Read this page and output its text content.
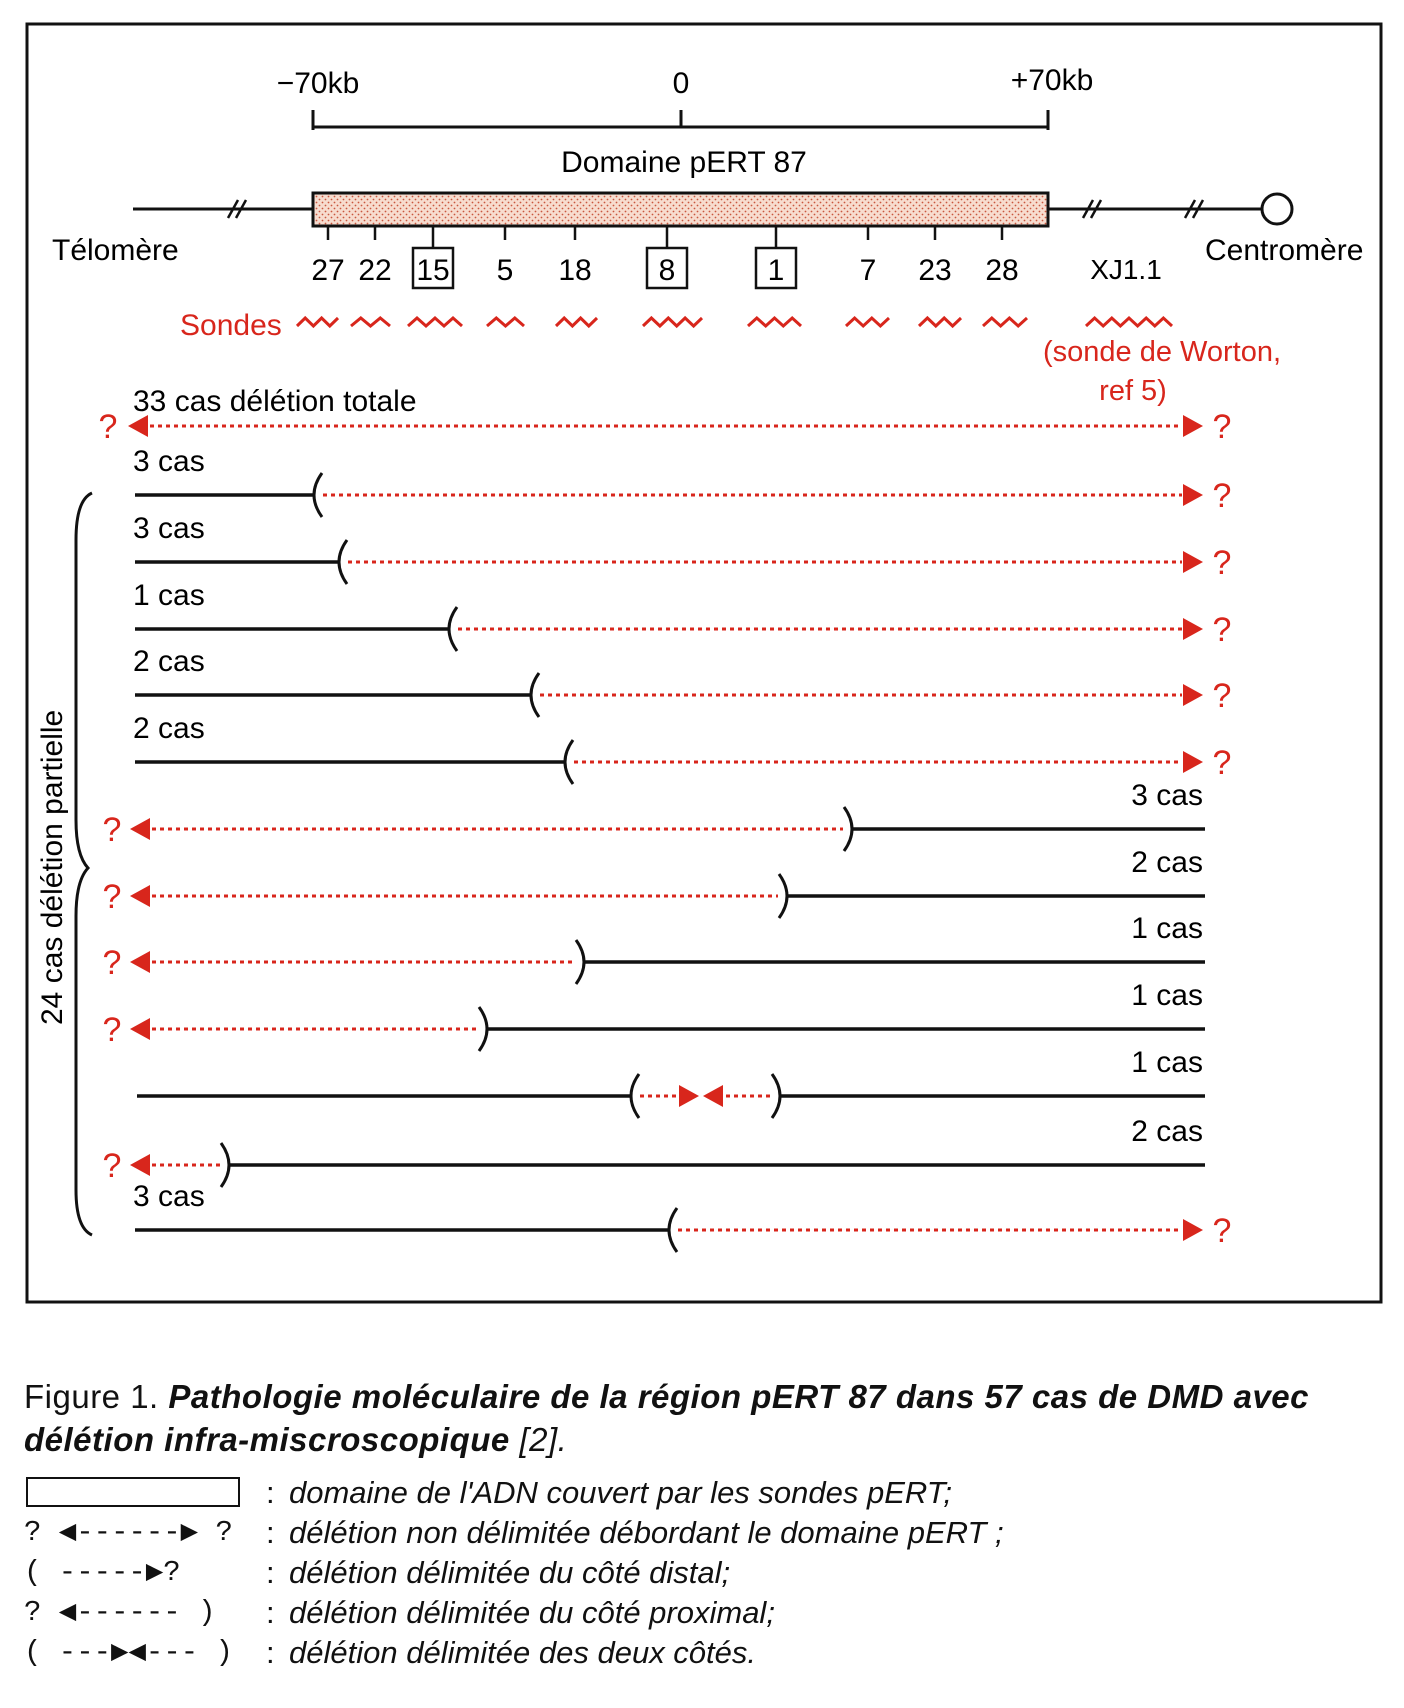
−70kb	0	+70kb
Domaine pERT 87
Télomère	Centromère
27 22 15 5 18 8	1	7 23 28	XJ1.1
Sondes
(sonde de Worton,
ref 5)
33 cas délétion totale
?	?
24 cas délétion partielle
3 cas
?
3 cas
?
1 cas
?
2 cas
?
2 cas
?
3 cas
?
2 cas
?
1 cas
?
1 cas
?
1 cas
2 cas
?
3 cas
?
Figure 1. Pathologie moléculaire de la région pERT 87 dans 57 cas de DMD avec délétion infra-miscroscopique [2].
: domaine de l'ADN couvert par les sondes pERT;
? ◀------▶ ?	: délétion non délimitée débordant le domaine pERT ;
( -----▶?	: délétion délimitée du côté distal;
? ◀------ )	: délétion délimitée du côté proximal;
( ---▶◀--- )	: délétion délimitée des deux côtés.
